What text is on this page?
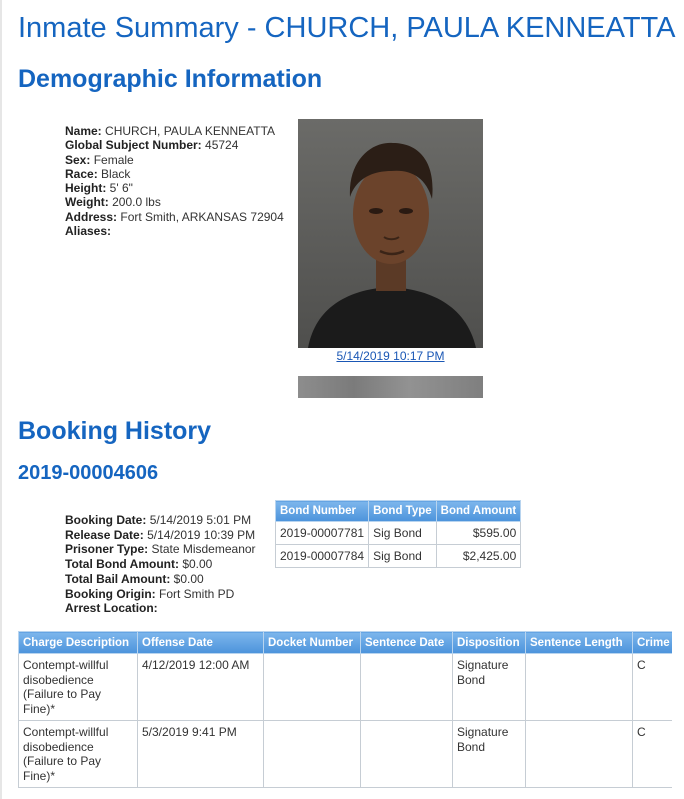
Inmate Summary - CHURCH, PAULA KENNEATTA
Demographic Information
Name: CHURCH, PAULA KENNEATTA
Global Subject Number: 45724
Sex: Female
Race: Black
Height: 5' 6"
Weight: 200.0 lbs
Address: Fort Smith, ARKANSAS 72904
Aliases:
5/14/2019 10:17 PM
Booking History
2019-00004606
Booking Date: 5/14/2019 5:01 PM
Release Date: 5/14/2019 10:39 PM
Prisoner Type: State Misdemeanor
Total Bond Amount: $0.00
Total Bail Amount: $0.00
Booking Origin: Fort Smith PD
Arrest Location:
Bond Number	Bond Type	Bond Amount
2019-00007781	Sig Bond	$595.00
2019-00007784	Sig Bond	$2,425.00
Charge Description	Offense Date	Docket Number	Sentence Date	Disposition	Sentence Length	Crime
Contempt-willful disobedience (Failure to Pay Fine)*	4/12/2019 12:00 AM			Signature Bond		C
Contempt-willful disobedience (Failure to Pay Fine)*	5/3/2019 9:41 PM			Signature Bond		C
